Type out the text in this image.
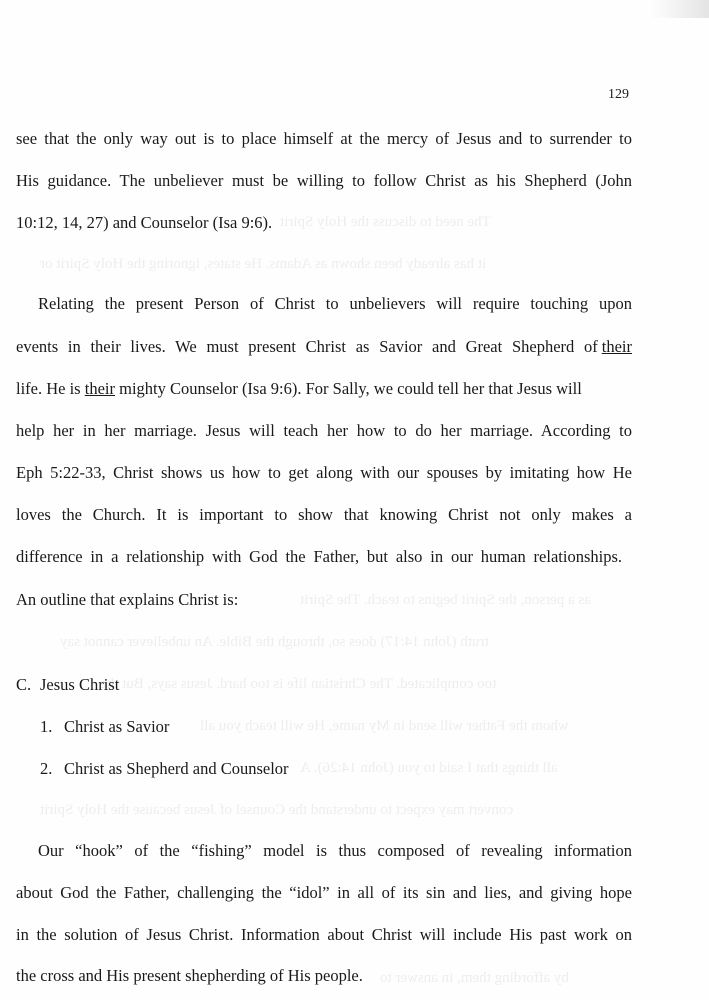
The need to discuss the Holy Spirit
it has already been shown as Adams. He states, ignoring the Holy Spirit or
as a person, the Spirit begins to teach. The Spirit
truth (John 14:17) does so, through the Bible. An unbeliever cannot say
too complicated. The Christian life is too hard. Jesus says, But the
whom the Father will send in My name, He will teach you all
all things that I said to you (John 14:26). A
convert may expect to understand the Counsel of Jesus because the Holy Spirit
by affording them, in answer to
129
see that the only way out is to place himself at the mercy of Jesus and to surrender to
His guidance. The unbeliever must be willing to follow Christ as his Shepherd (John
10:12, 14, 27) and Counselor (Isa 9:6).
Relating the present Person of Christ to unbelievers will require touching upon
events in their lives. We must present Christ as Savior and Great Shepherd of their
life. He is their mighty Counselor (Isa 9:6). For Sally, we could tell her that Jesus will
help her in her marriage. Jesus will teach her how to do her marriage. According to
Eph 5:22-33, Christ shows us how to get along with our spouses by imitating how He
loves the Church. It is important to show that knowing Christ not only makes a
difference in a relationship with God the Father, but also in our human relationships.
An outline that explains Christ is:
C. Jesus Christ
1. Christ as Savior
2. Christ as Shepherd and Counselor
Our “hook” of the “fishing” model is thus composed of revealing information
about God the Father, challenging the “idol” in all of its sin and lies, and giving hope
in the solution of Jesus Christ. Information about Christ will include His past work on
the cross and His present shepherding of His people.
